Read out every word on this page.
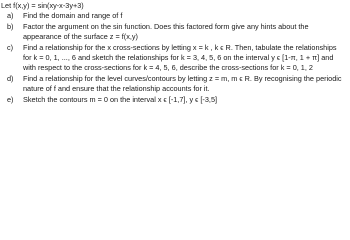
Let f(x,y) = sin(xy-x-3y+3)
a)	Find the domain and range of f
b)	Factor the argument on the sin function. Does this factored form give any hints about the appearance of the surface z = f(x,y)
c)	Find a relationship for the x cross-sections by letting x = k , k ϵ R. Then, tabulate the relationships for k = 0, 1, ..., 6 and sketch the relationships for k = 3, 4, 5, 6 on the interval y ϵ [1-π, 1 + π] and with respect to the cross-sections for k = 4, 5, 6, describe the cross-sections for k = 0, 1, 2
d)	Find a relationship for the level curves/contours by letting z = m, m ϵ R. By recognising the periodic nature of f and ensure that the relationship accounts for it.
e)	Sketch the contours m = 0 on the interval x ϵ [-1,7], y ϵ [-3,5]
